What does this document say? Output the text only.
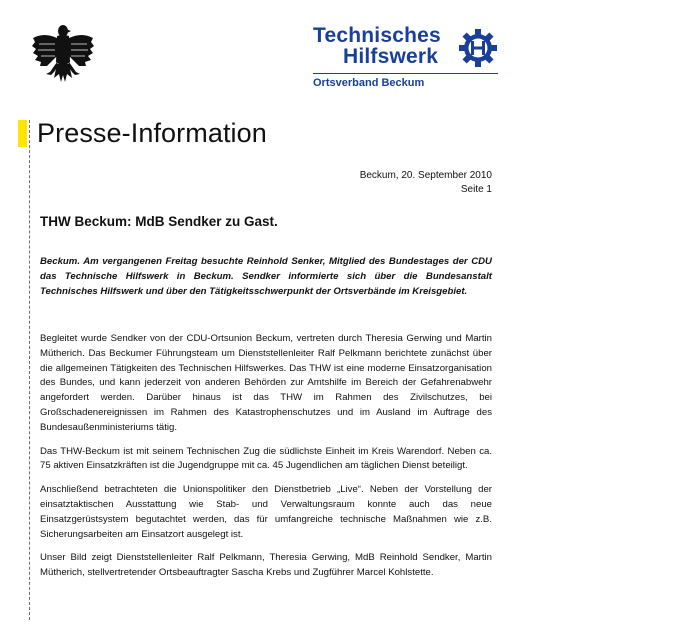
Technisches
Hilfswerk
Ortsverband Beckum
Presse-Information
Beckum, 20. September 2010
Seite 1
THW Beckum: MdB Sendker zu Gast.
Beckum. Am vergangenen Freitag besuchte Reinhold Senker, Mitglied des Bundestages der CDU das Technische Hilfswerk in Beckum. Sendker informierte sich über die Bundesanstalt Technisches Hilfswerk und über den Tätigkeitsschwerpunkt der Ortsverbände im Kreisgebiet.

Begleitet wurde Sendker von der CDU-Ortsunion Beckum, vertreten durch Theresia Gerwing und Martin Mütherich. Das Beckumer Führungsteam um Dienststellenleiter Ralf Pelkmann berichtete zunächst über die allgemeinen Tätigkeiten des Technischen Hilfswerkes. Das THW ist eine moderne Einsatzorganisation des Bundes, und kann jederzeit von anderen Behörden zur Amtshilfe im Bereich der Gefahrenabwehr angefordert werden. Darüber hinaus ist das THW im Rahmen des Zivilschutzes, bei Großschadenereignissen im Rahmen des Katastrophenschutzes und im Ausland im Auftrage des Bundesaußenministeriums tätig.

Das THW-Beckum ist mit seinem Technischen Zug die südlichste Einheit im Kreis Warendorf. Neben ca. 75 aktiven Einsatzkräften ist die Jugendgruppe mit ca. 45 Jugendlichen am täglichen Dienst beteiligt.

Anschließend betrachteten die Unionspolitiker den Dienstbetrieb „Live“. Neben der Vorstellung der einsatztaktischen Ausstattung wie Stab- und Verwaltungsraum konnte auch das neue Einsatzgerüstsystem begutachtet werden, das für umfangreiche technische Maßnahmen wie z.B. Sicherungsarbeiten am Einsatzort ausgelegt ist.

Unser Bild zeigt Dienststellenleiter Ralf Pelkmann, Theresia Gerwing, MdB Reinhold Sendker, Martin Mütherich, stellvertretender Ortsbeauftragter Sascha Krebs und Zugführer Marcel Kohlstette.
